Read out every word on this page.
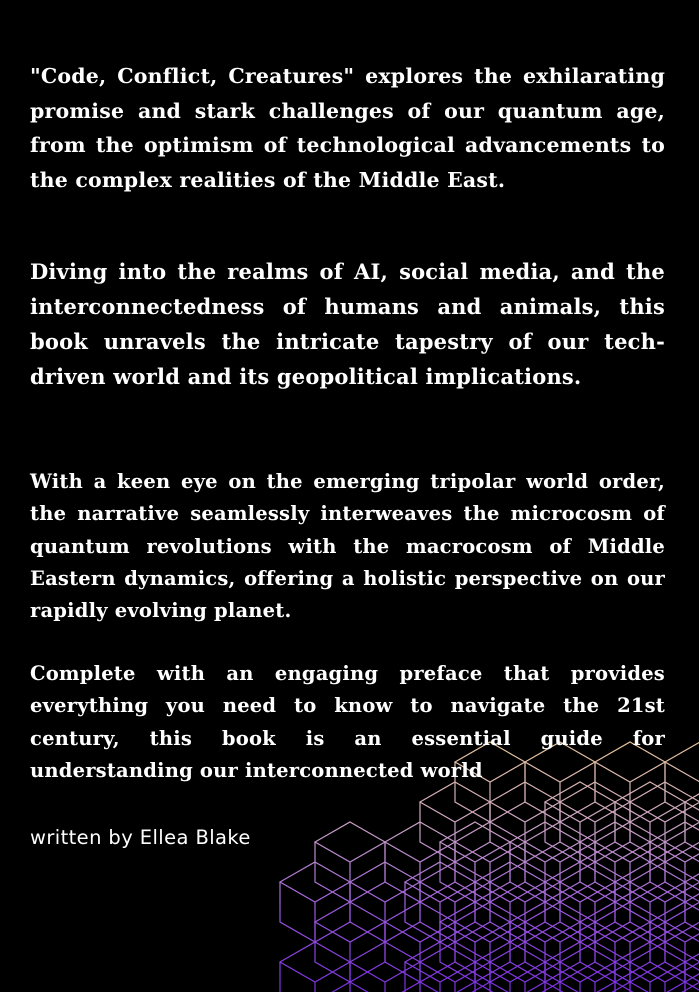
"Code, Conflict, Creatures" explores the exhilarating promise and stark challenges of our quantum age, from the optimism of technological advancements to the complex realities of the Middle East.

Diving into the realms of AI, social media, and the interconnectedness of humans and animals, this book unravels the intricate tapestry of our tech-driven world and its geopolitical implications.

With a keen eye on the emerging tripolar world order, the narrative seamlessly interweaves the microcosm of quantum revolutions with the macrocosm of Middle Eastern dynamics, offering a holistic perspective on our rapidly evolving planet.

Complete with an engaging preface that provides everything you need to know to navigate the 21st century, this book is an essential guide for understanding our interconnected world

written by Ellea Blake
